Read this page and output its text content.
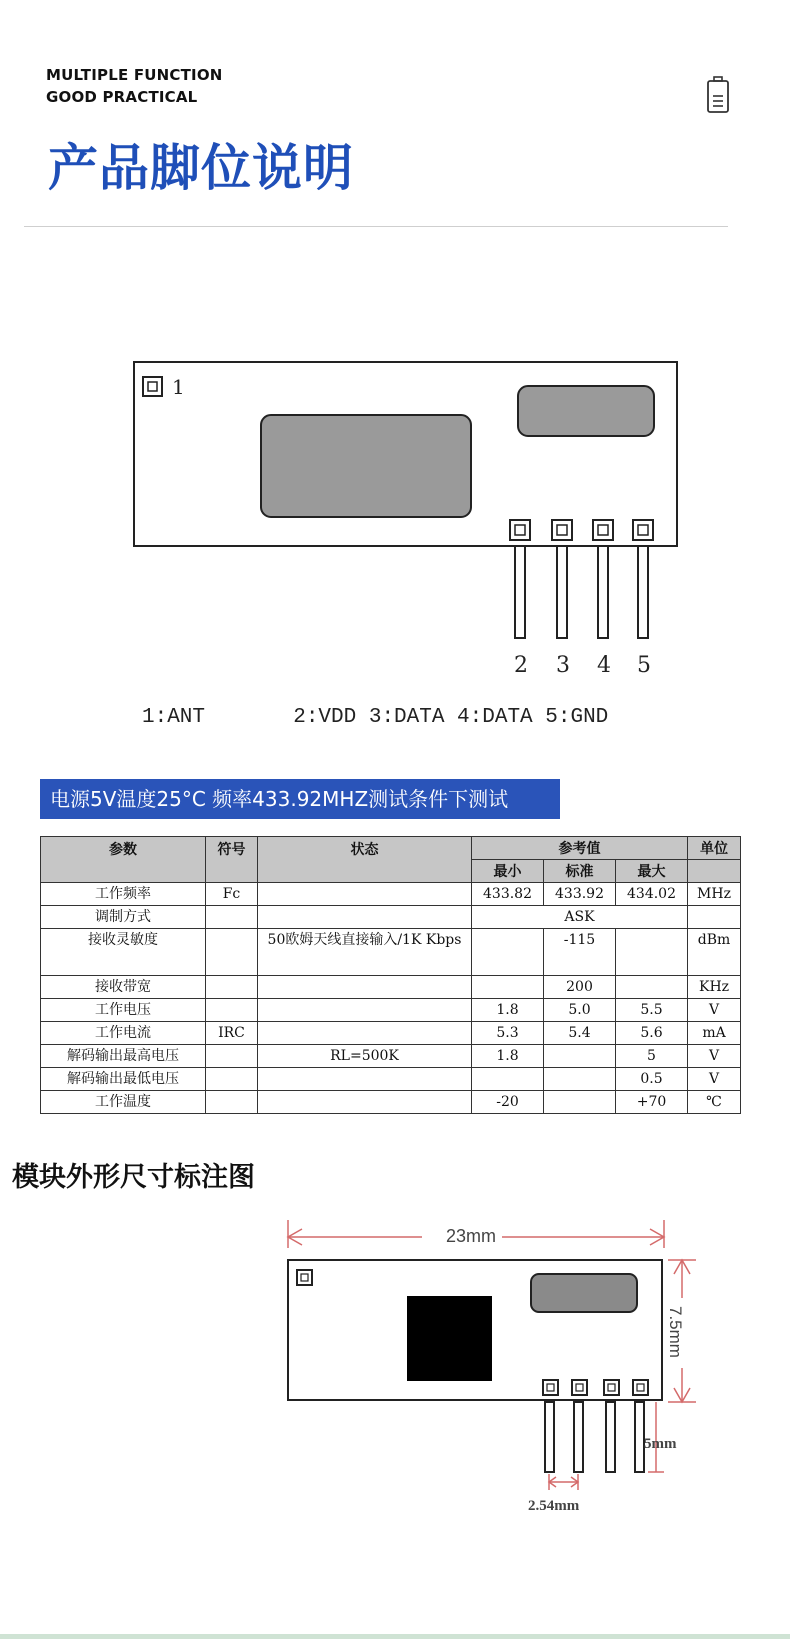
MULTIPLE FUNCTION
GOOD PRACTICAL
产品脚位说明
1
2 3 4 5
1:ANT       2:VDD 3:DATA 4:DATA 5:GND
电源5V温度25°C 频率433.92MHZ测试条件下测试
参数	符号	状态	参考值			单位
			最小	标准	最大	
工作频率	Fc		433.82	433.92	434.02	MHz
调制方式			ASK			
接收灵敏度		50欧姆天线直接输入/1K Kbps		-115		dBm
接收带宽				200		KHz
工作电压			1.8	5.0	5.5	V
工作电流	IRC		5.3	5.4	5.6	mA
解码输出最高电压		RL=500K	1.8		5	V
解码输出最低电压					0.5	V
工作温度			-20		+70	℃
模块外形尺寸标注图
23mm
7.5mm
5mm
2.54mm
